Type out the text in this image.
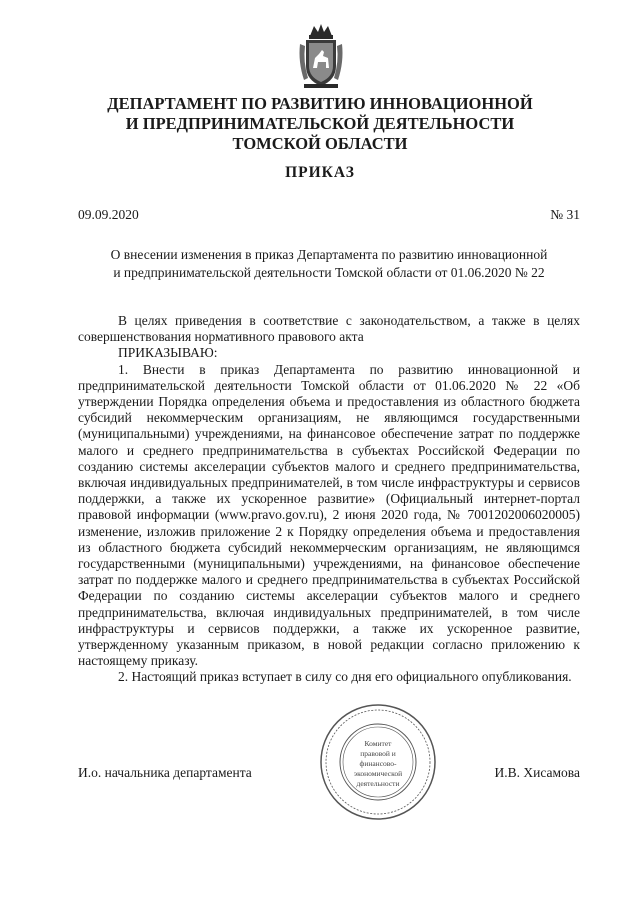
ДЕПАРТАМЕНТ ПО РАЗВИТИЮ ИННОВАЦИОННОЙ
И ПРЕДПРИНИМАТЕЛЬСКОЙ ДЕЯТЕЛЬНОСТИ
ТОМСКОЙ ОБЛАСТИ
ПРИКАЗ
09.09.2020	№ 31
О внесении изменения в приказ Департамента по развитию инновационной
и предпринимательской деятельности Томской области от 01.06.2020 № 22

В целях приведения в соответствие с законодательством, а также в целях совершенствования нормативного правового акта

ПРИКАЗЫВАЮ:

1. Внести в приказ Департамента по развитию инновационной и предпринимательской деятельности Томской области от 01.06.2020 № 22 «Об утверждении Порядка определения объема и предоставления из областного бюджета субсидий некоммерческим организациям, не являющимся государственными (муниципальными) учреждениями, на финансовое обеспечение затрат по поддержке малого и среднего предпринимательства в субъектах Российской Федерации по созданию системы акселерации субъектов малого и среднего предпринимательства, включая индивидуальных предпринимателей, в том числе инфраструктуры и сервисов поддержки, а также их ускоренное развитие» (Официальный интернет-портал правовой информации (www.pravo.gov.ru), 2 июня 2020 года, № 7001202006020005) изменение, изложив приложение 2 к Порядку определения объема и предоставления из областного бюджета субсидий некоммерческим организациям, не являющимся государственными (муниципальными) учреждениями, на финансовое обеспечение затрат по поддержке малого и среднего предпринимательства в субъектах Российской Федерации по созданию системы акселерации субъектов малого и среднего предпринимательства, включая индивидуальных предпринимателей, в том числе инфраструктуры и сервисов поддержки, а также их ускоренное развитие, утвержденному указанным приказом, в новой редакции согласно приложению к настоящему приказу.

2. Настоящий приказ вступает в силу со дня его официального опубликования.

Комитет
правовой и
финансово-
экономической
деятельности
И.о. начальника департамента	И.В. Хисамова
